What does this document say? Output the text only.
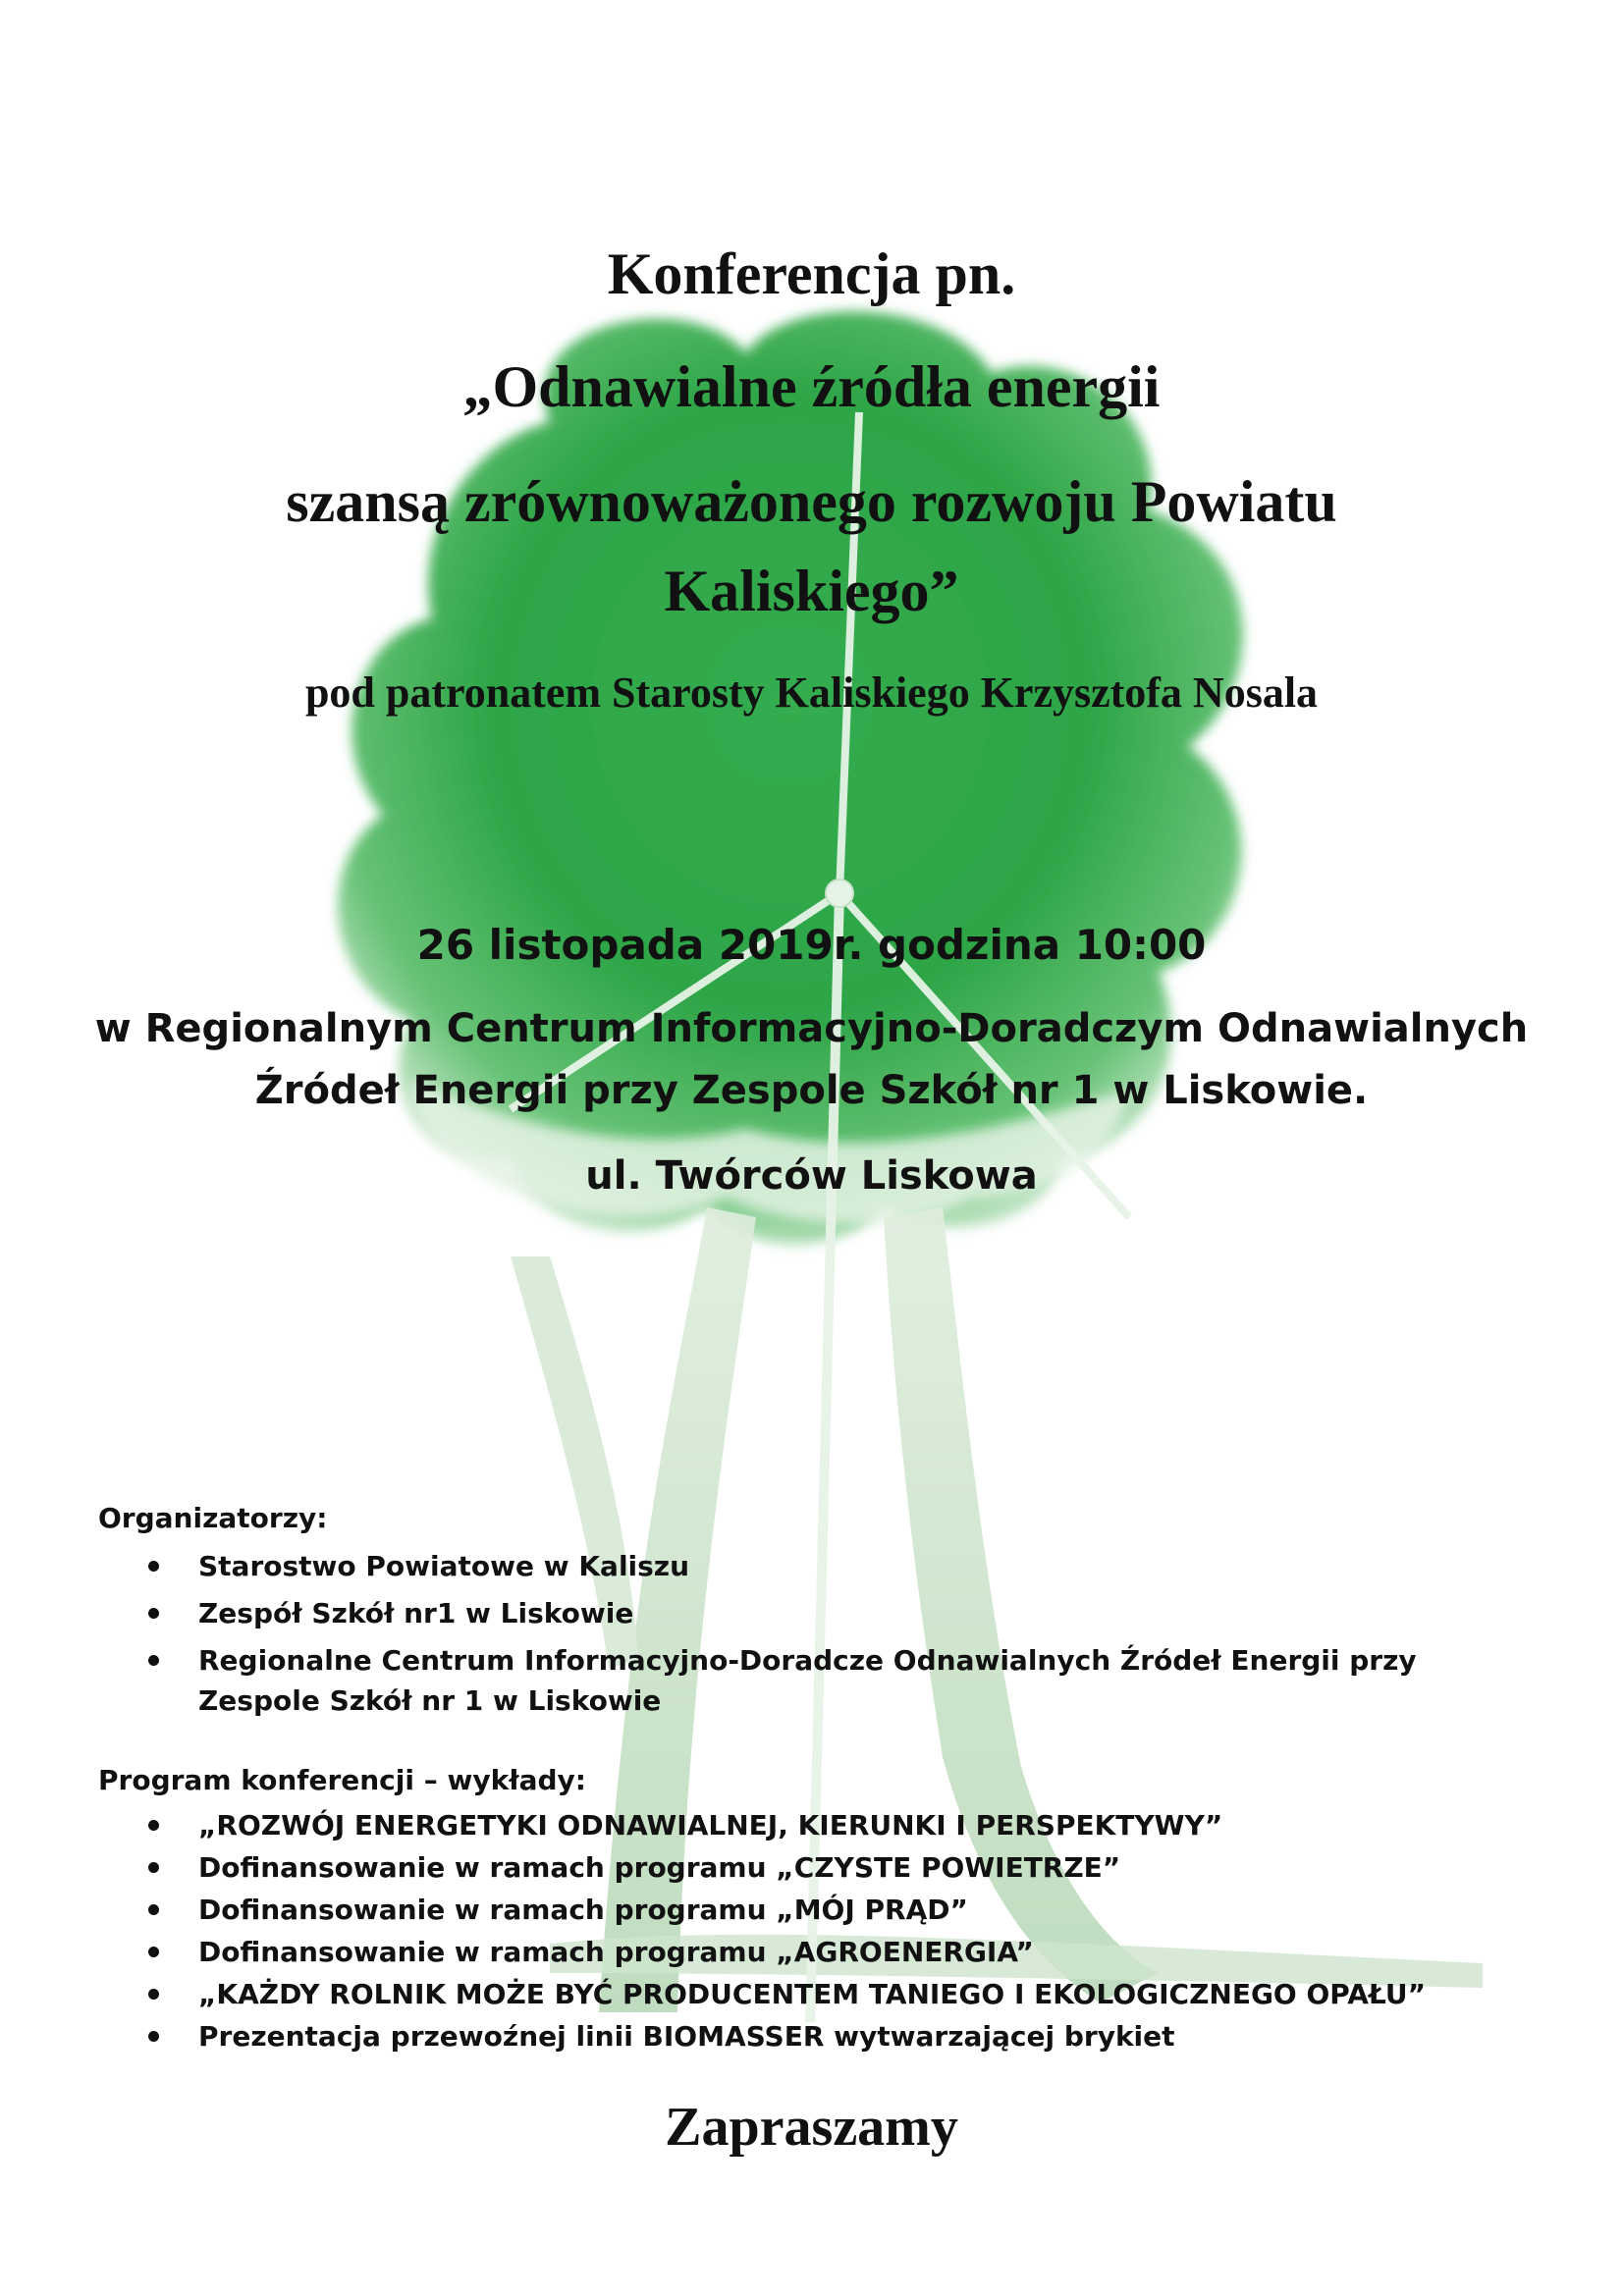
Konferencja pn.
„Odnawialne źródła energii
szansą zrównoważonego rozwoju Powiatu
Kaliskiego”
pod patronatem Starosty Kaliskiego Krzysztofa Nosala
26 listopada 2019r. godzina 10:00
w Regionalnym Centrum Informacyjno-Doradczym Odnawialnych
Źródeł Energii przy Zespole Szkół nr 1 w Liskowie.
ul. Twórców Liskowa
Organizatorzy:
Starostwo Powiatowe w Kaliszu
Zespół Szkół nr1 w Liskowie
Regionalne Centrum Informacyjno-Doradcze Odnawialnych Źródeł Energii przy Zespole Szkół nr 1 w Liskowie
Program konferencji – wykłady:
„ROZWÓJ ENERGETYKI ODNAWIALNEJ, KIERUNKI I PERSPEKTYWY”
Dofinansowanie w ramach programu „CZYSTE POWIETRZE”
Dofinansowanie w ramach programu „MÓJ PRĄD”
Dofinansowanie w ramach programu „AGROENERGIA”
„KAŻDY ROLNIK MOŻE BYĆ PRODUCENTEM TANIEGO I EKOLOGICZNEGO OPAŁU”
Prezentacja przewoźnej linii BIOMASSER wytwarzającej brykiet
Zapraszamy
